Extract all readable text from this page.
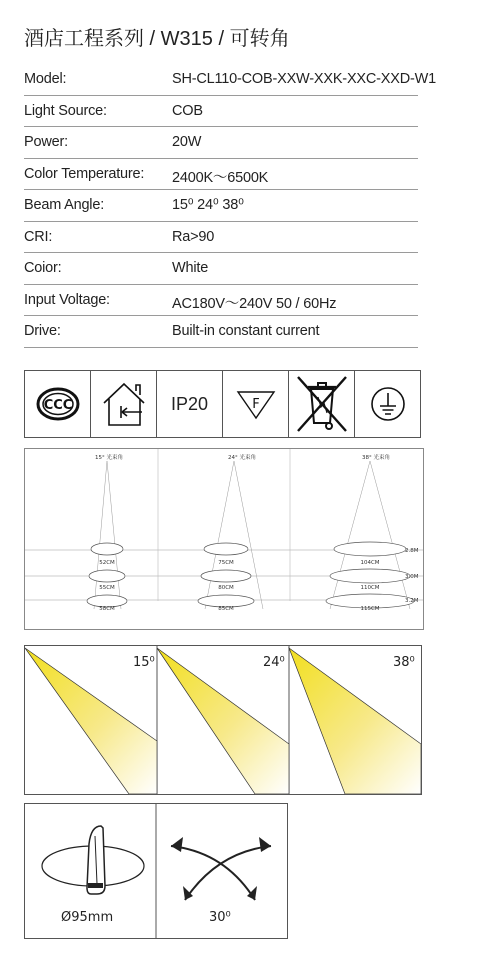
酒店工程系列 / W315 / 可转角
Model:	SH-CL110-COB-XXW-XXK-XXC-XXD-W1
Light Source:	COB
Power:	20W
Color Temperature: 2400K～6500K
Beam Angle:	15⁰ 24⁰ 38⁰
CRI:	Ra>90
Coior:	White
Input Voltage:	AC180V～240V 50 / 60Hz
Drive:	Built-in constant current
CCC	IP20	F
15° 光束角	24° 光束角	38° 光束角
52CM
55CM
58CM
75CM
80CM
85CM
104CM
110CM
115CM
2.8M
3.0M
3.2M
15⁰	24⁰	38⁰
Ø95mm	30⁰
